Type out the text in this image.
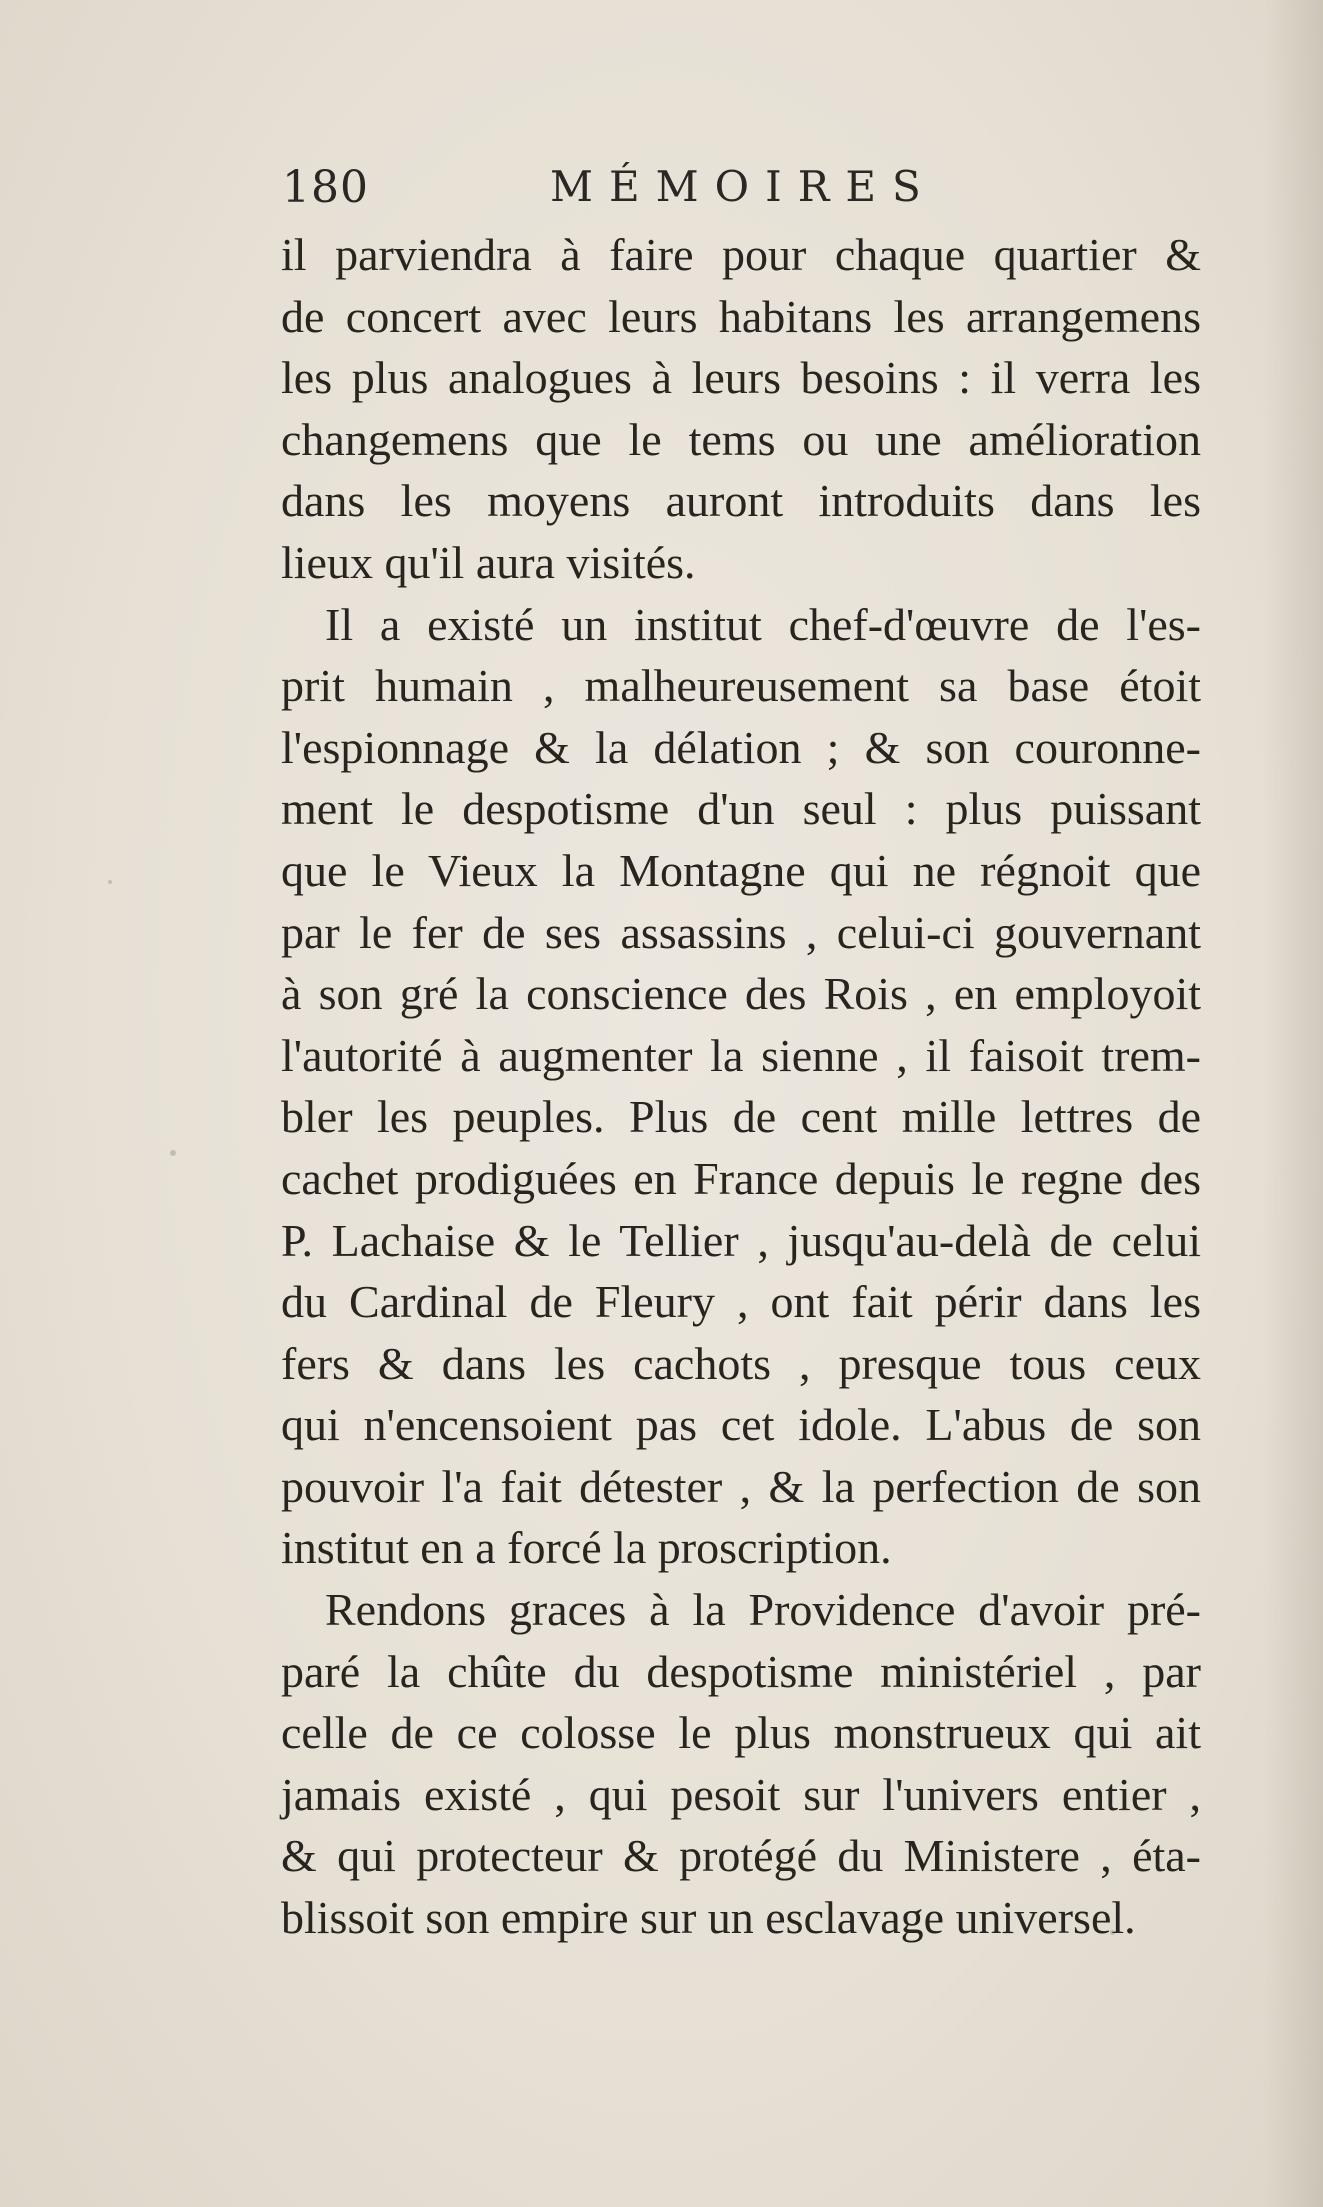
180	MÉMOIRES

il parviendra à faire pour chaque quartier &
de concert avec leurs habitans les arrangemens
les plus analogues à leurs besoins : il verra les
changemens que le tems ou une amélioration
dans les moyens auront introduits dans les
lieux qu'il aura visités.

Il a existé un institut chef-d'œuvre de l'es-
prit humain , malheureusement sa base étoit
l'espionnage & la délation ; & son couronne-
ment le despotisme d'un seul : plus puissant
que le Vieux la Montagne qui ne régnoit que
par le fer de ses assassins , celui-ci gouvernant
à son gré la conscience des Rois , en employoit
l'autorité à augmenter la sienne , il faisoit trem-
bler les peuples. Plus de cent mille lettres de
cachet prodiguées en France depuis le regne des
P. Lachaise & le Tellier , jusqu'au-delà de celui
du Cardinal de Fleury , ont fait périr dans les
fers & dans les cachots , presque tous ceux
qui n'encensoient pas cet idole. L'abus de son
pouvoir l'a fait détester , & la perfection de son
institut en a forcé la proscription.

Rendons graces à la Providence d'avoir pré-
paré la chûte du despotisme ministériel , par
celle de ce colosse le plus monstrueux qui ait
jamais existé , qui pesoit sur l'univers entier ,
& qui protecteur & protégé du Ministere , éta-
blissoit son empire sur un esclavage universel.
